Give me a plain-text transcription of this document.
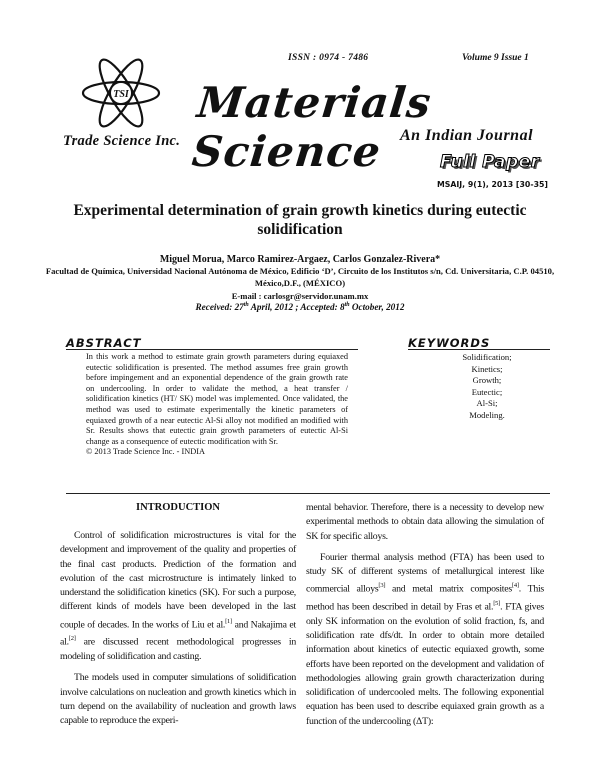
ISSN : 0974 - 7486	Volume 9 Issue 1
TSI Materials Science
Trade Science Inc.	An Indian Journal
Full Paper
MSAIJ, 9(1), 2013 [30-35]
Experimental determination of grain growth kinetics during eutectic solidification
Miguel Morua, Marco Ramirez-Argaez, Carlos Gonzalez-Rivera*
Facultad de Química, Universidad Nacional Autónoma de México, Edificio ‘D’, Circuito de los Institutos s/n, Cd. Universitaria, C.P. 04510, México,D.F., (MÉXICO)
E-mail : carlosgr@servidor.unam.mx
Received: 27th April, 2012 ; Accepted: 8th October, 2012
ABSTRACT

In this work a method to estimate grain growth parameters during equiaxed eutectic solidification is presented. The method assumes free grain growth before impingement and an exponential dependence of the grain growth rate on undercooling. In order to validate the method, a heat transfer / solidification kinetics (HT/ SK) model was implemented. Once validated, the method was used to estimate experimentally the kinetic parameters of equiaxed growth of a near eutectic Al-Si alloy not modified an modified with Sr. Results shows that eutectic grain growth parameters of eutectic Al-Si change as a consequence of eutectic modification with Sr.

© 2013 Trade Science Inc. - INDIA

KEYWORDS
Solidification;
Kinetics;
Growth;
Eutectic;
Al-Si;
Modeling.
INTRODUCTION

Control of solidification microstructures is vital for the development and improvement of the quality and properties of the final cast products. Prediction of the formation and evolution of the cast microstructure is intimately linked to understand the solidification kinetics (SK). For such a purpose, different kinds of models have been developed in the last couple of decades. In the works of Liu et al.[1] and Nakajima et al.[2] are discussed recent methodological progresses in modeling of solidification and casting.

The models used in computer simulations of solidification involve calculations on nucleation and growth kinetics which in turn depend on the availability of nucleation and growth laws capable to reproduce the experi-

mental behavior. Therefore, there is a necessity to develop new experimental methods to obtain data allowing the simulation of SK for specific alloys.

Fourier thermal analysis method (FTA) has been used to study SK of different systems of metallurgical interest like commercial alloys[3] and metal matrix composites[4]. This method has been described in detail by Fras et al.[5]. FTA gives only SK information on the evolution of solid fraction, fs, and solidification rate dfs/dt. In order to obtain more detailed information about kinetics of eutectic equiaxed growth, some efforts have been reported on the development and validation of methodologies allowing grain growth characterization during solidification of undercooled melts. The following exponential equation has been used to describe equiaxed grain growth as a function of the undercooling (ΔT):
